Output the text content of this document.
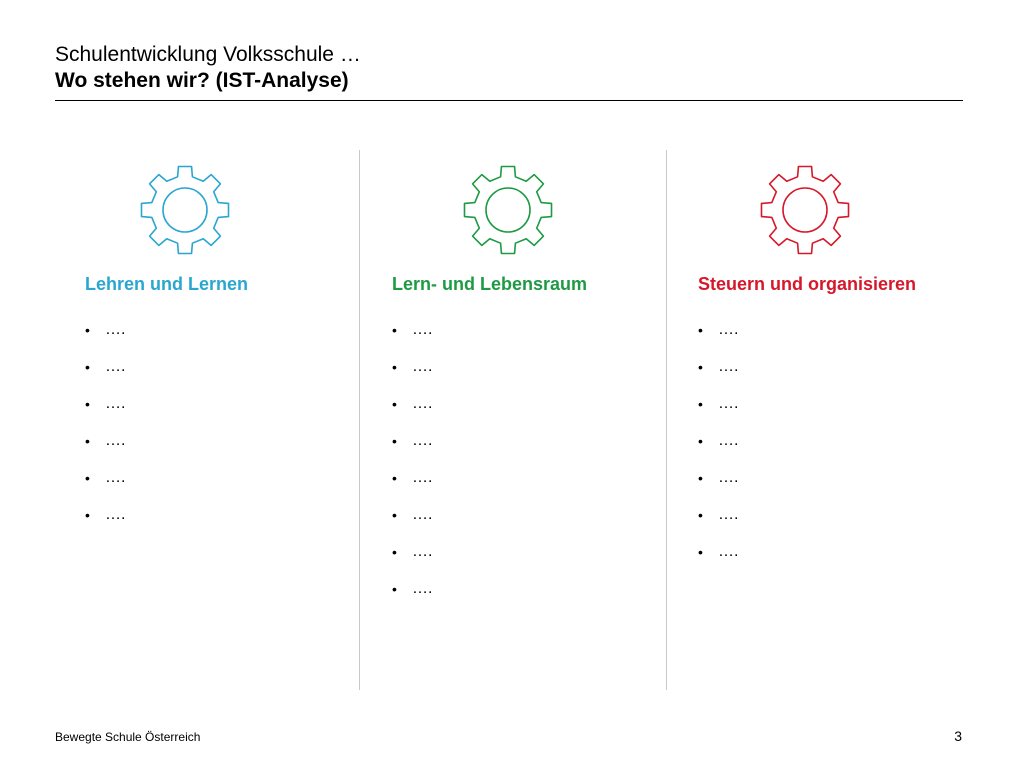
Schulentwicklung Volksschule …

Wo stehen wir? (IST-Analyse)

Lehren und Lernen
• ….
• ….
• ….
• ….
• ….
• ….
Lern- und Lebensraum
• ….
• ….
• ….
• ….
• ….
• ….
• ….
• ….
Steuern und organisieren
• ….
• ….
• ….
• ….
• ….
• ….
• ….
Bewegte Schule Österreich	3
